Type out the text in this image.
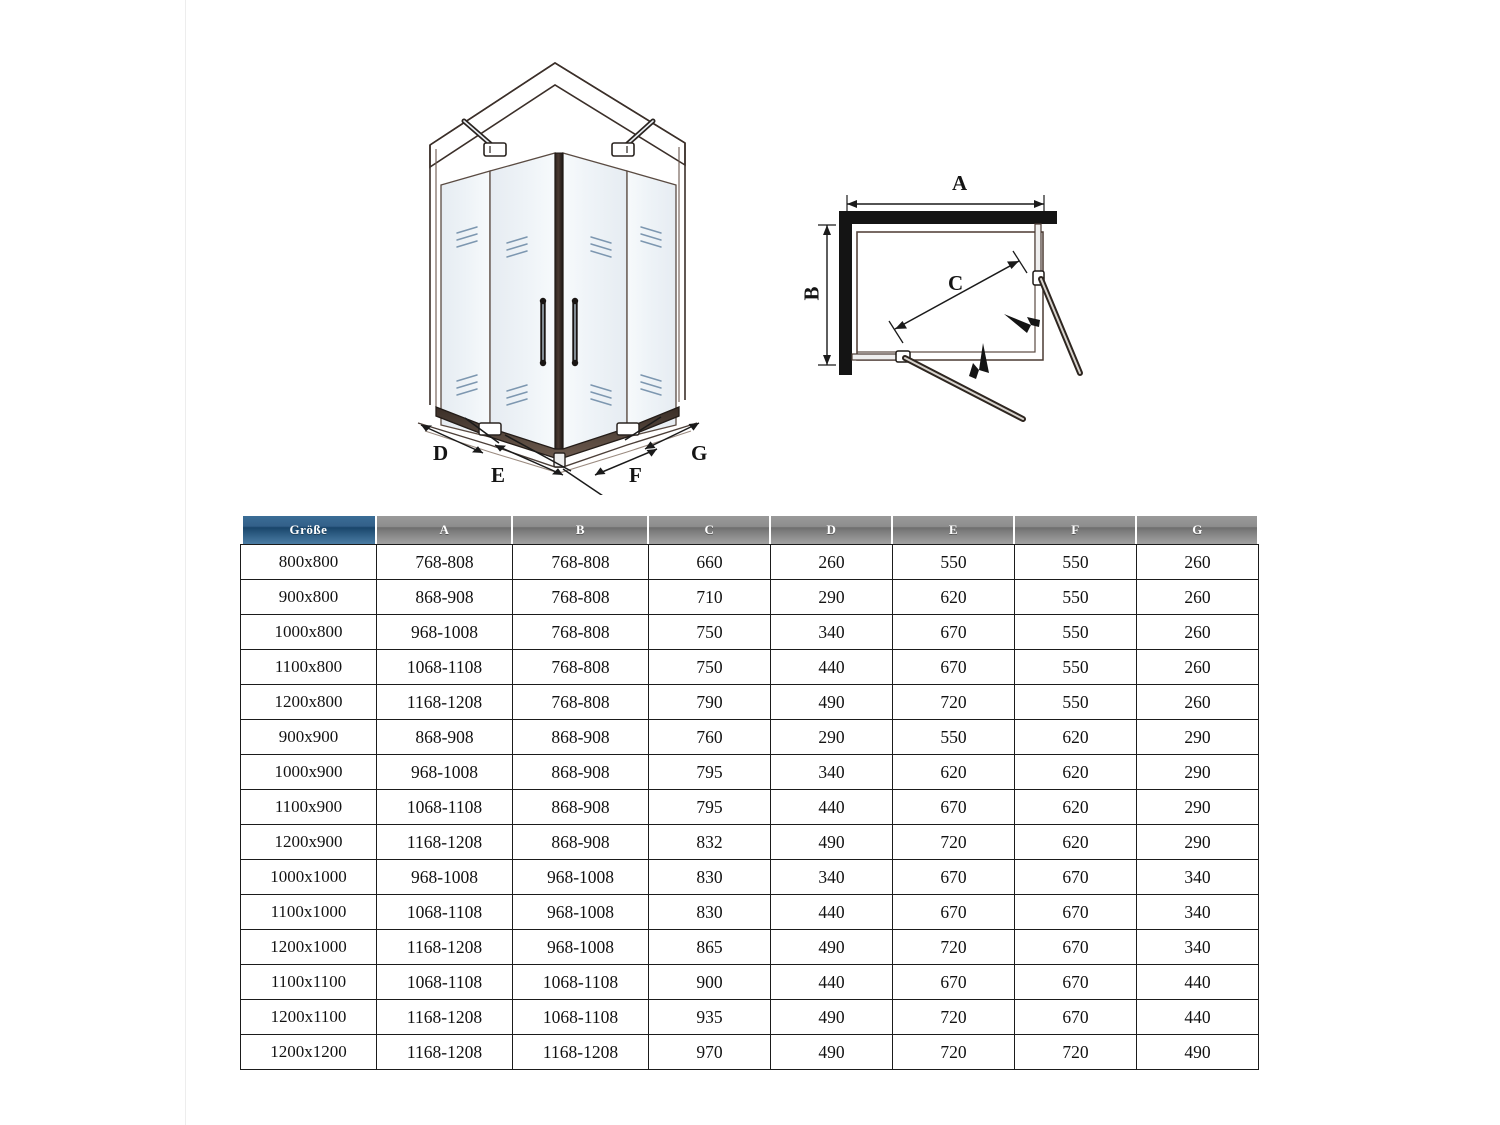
D
E	F
G
A
B	C
Größe	A	B	C	D	E	F	G
800x800	768-808	768-808	660	260	550	550	260
900x800	868-908	768-808	710	290	620	550	260
1000x800	968-1008	768-808	750	340	670	550	260
1100x800	1068-1108	768-808	750	440	670	550	260
1200x800	1168-1208	768-808	790	490	720	550	260
900x900	868-908	868-908	760	290	550	620	290
1000x900	968-1008	868-908	795	340	620	620	290
1100x900	1068-1108	868-908	795	440	670	620	290
1200x900	1168-1208	868-908	832	490	720	620	290
1000x1000	968-1008	968-1008	830	340	670	670	340
1100x1000	1068-1108	968-1008	830	440	670	670	340
1200x1000	1168-1208	968-1008	865	490	720	670	340
1100x1100	1068-1108	1068-1108	900	440	670	670	440
1200x1100	1168-1208	1068-1108	935	490	720	670	440
1200x1200	1168-1208	1168-1208	970	490	720	720	490
